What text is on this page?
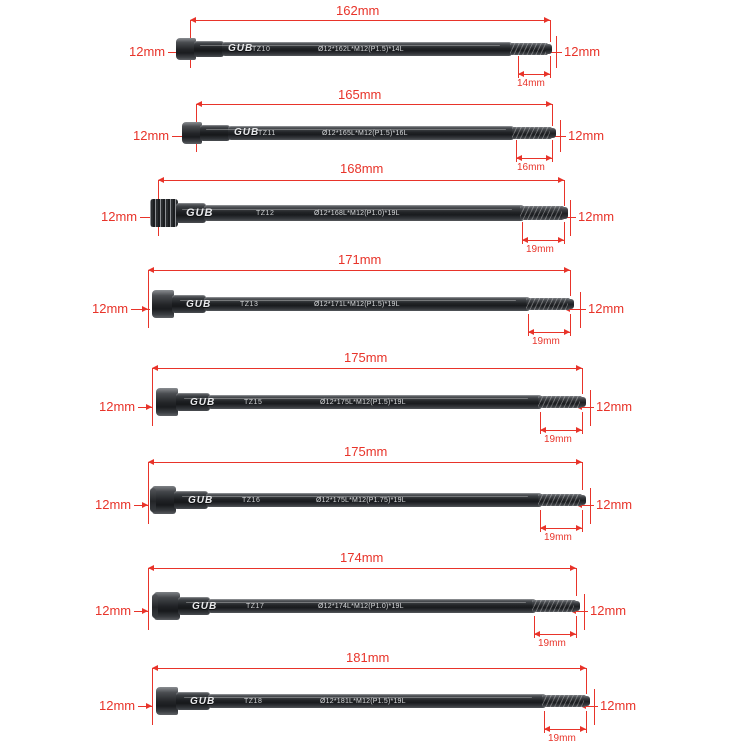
162mm
12mm	12mm
14mm
GUB
TZ10	Ø12*162L*M12(P1.5)*14L
165mm
12mm	12mm
16mm
GUB
TZ11	Ø12*165L*M12(P1.5)*16L
168mm
12mm	12mm
19mm
GUB	TZ12	Ø12*168L*M12(P1.0)*19L
171mm
12mm	12mm
19mm
GUB	TZ13	Ø12*171L*M12(P1.5)*19L
175mm
12mm	12mm
19mm
GUB	TZ15	Ø12*175L*M12(P1.5)*19L
175mm
12mm	12mm
19mm
GUB	TZ16	Ø12*175L*M12(P1.75)*19L
174mm
12mm	12mm
19mm
GUB	TZ17	Ø12*174L*M12(P1.0)*19L
181mm
12mm	12mm
19mm
GUB	TZ18	Ø12*181L*M12(P1.5)*19L
